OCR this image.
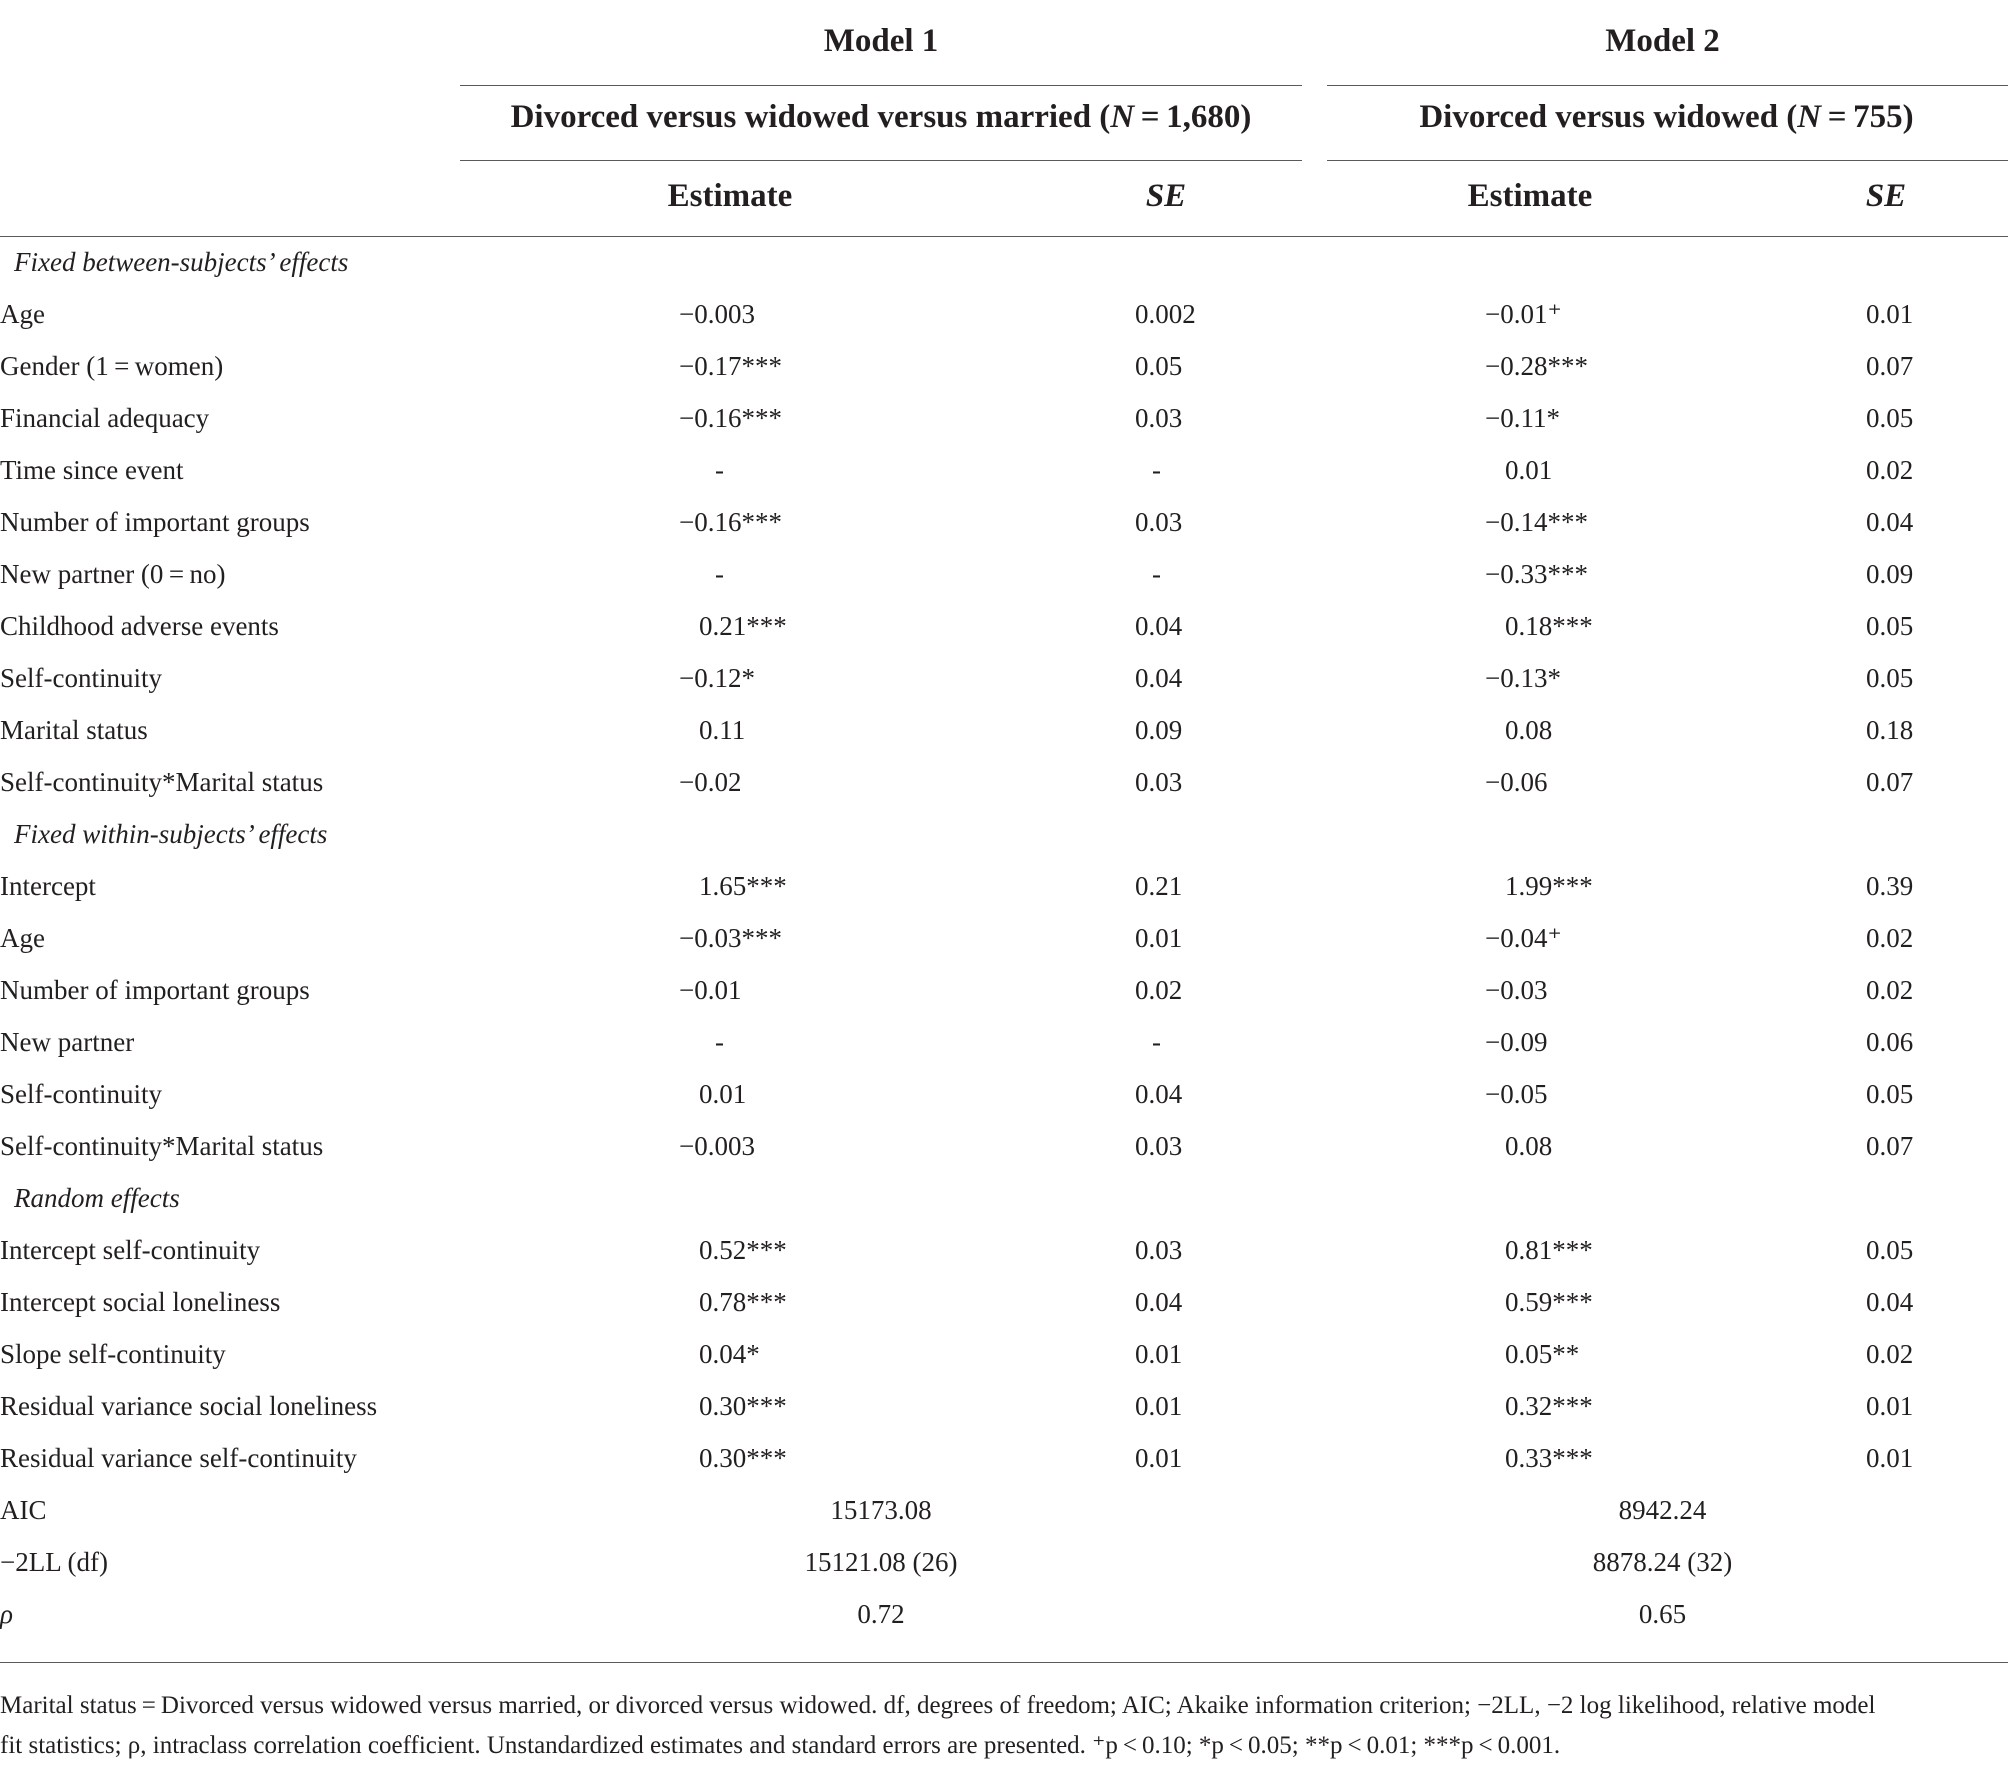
Model 1	Model 2
Divorced versus widowed versus married (N = 1,680)	Divorced versus widowed (N = 755)
Estimate	SE	Estimate	SE
Fixed between-subjects’ effects
Age	−0.003	0.002	−0.01⁺	0.01
Gender (1 = women)	−0.17***	0.05	−0.28***	0.07
Financial adequacy	−0.16***	0.03	−0.11*	0.05
Time since event	-	-	0.01	0.02
Number of important groups	−0.16***	0.03	−0.14***	0.04
New partner (0 = no)	-	-	−0.33***	0.09
Childhood adverse events	0.21***	0.04	0.18***	0.05
Self-continuity	−0.12*	0.04	−0.13*	0.05
Marital status	0.11	0.09	0.08	0.18
Self-continuity*Marital status	−0.02	0.03	−0.06	0.07
Fixed within-subjects’ effects
Intercept	1.65***	0.21	1.99***	0.39
Age	−0.03***	0.01	−0.04⁺	0.02
Number of important groups	−0.01	0.02	−0.03	0.02
New partner	-	-	−0.09	0.06
Self-continuity	0.01	0.04	−0.05	0.05
Self-continuity*Marital status	−0.003	0.03	0.08	0.07
Random effects
Intercept self-continuity	0.52***	0.03	0.81***	0.05
Intercept social loneliness	0.78***	0.04	0.59***	0.04
Slope self-continuity	0.04*	0.01	0.05**	0.02
Residual variance social loneliness	0.30***	0.01	0.32***	0.01
Residual variance self-continuity	0.30***	0.01	0.33***	0.01
AIC	15173.08	8942.24
−2LL (df)	15121.08 (26)	8878.24 (32)
ρ	0.72	0.65

Marital status = Divorced versus widowed versus married, or divorced versus widowed. df, degrees of freedom; AIC; Akaike information criterion; −2LL, −2 log likelihood, relative model

fit statistics; ρ, intraclass correlation coefficient. Unstandardized estimates and standard errors are presented. ⁺p < 0.10; *p < 0.05; **p < 0.01; ***p < 0.001.
